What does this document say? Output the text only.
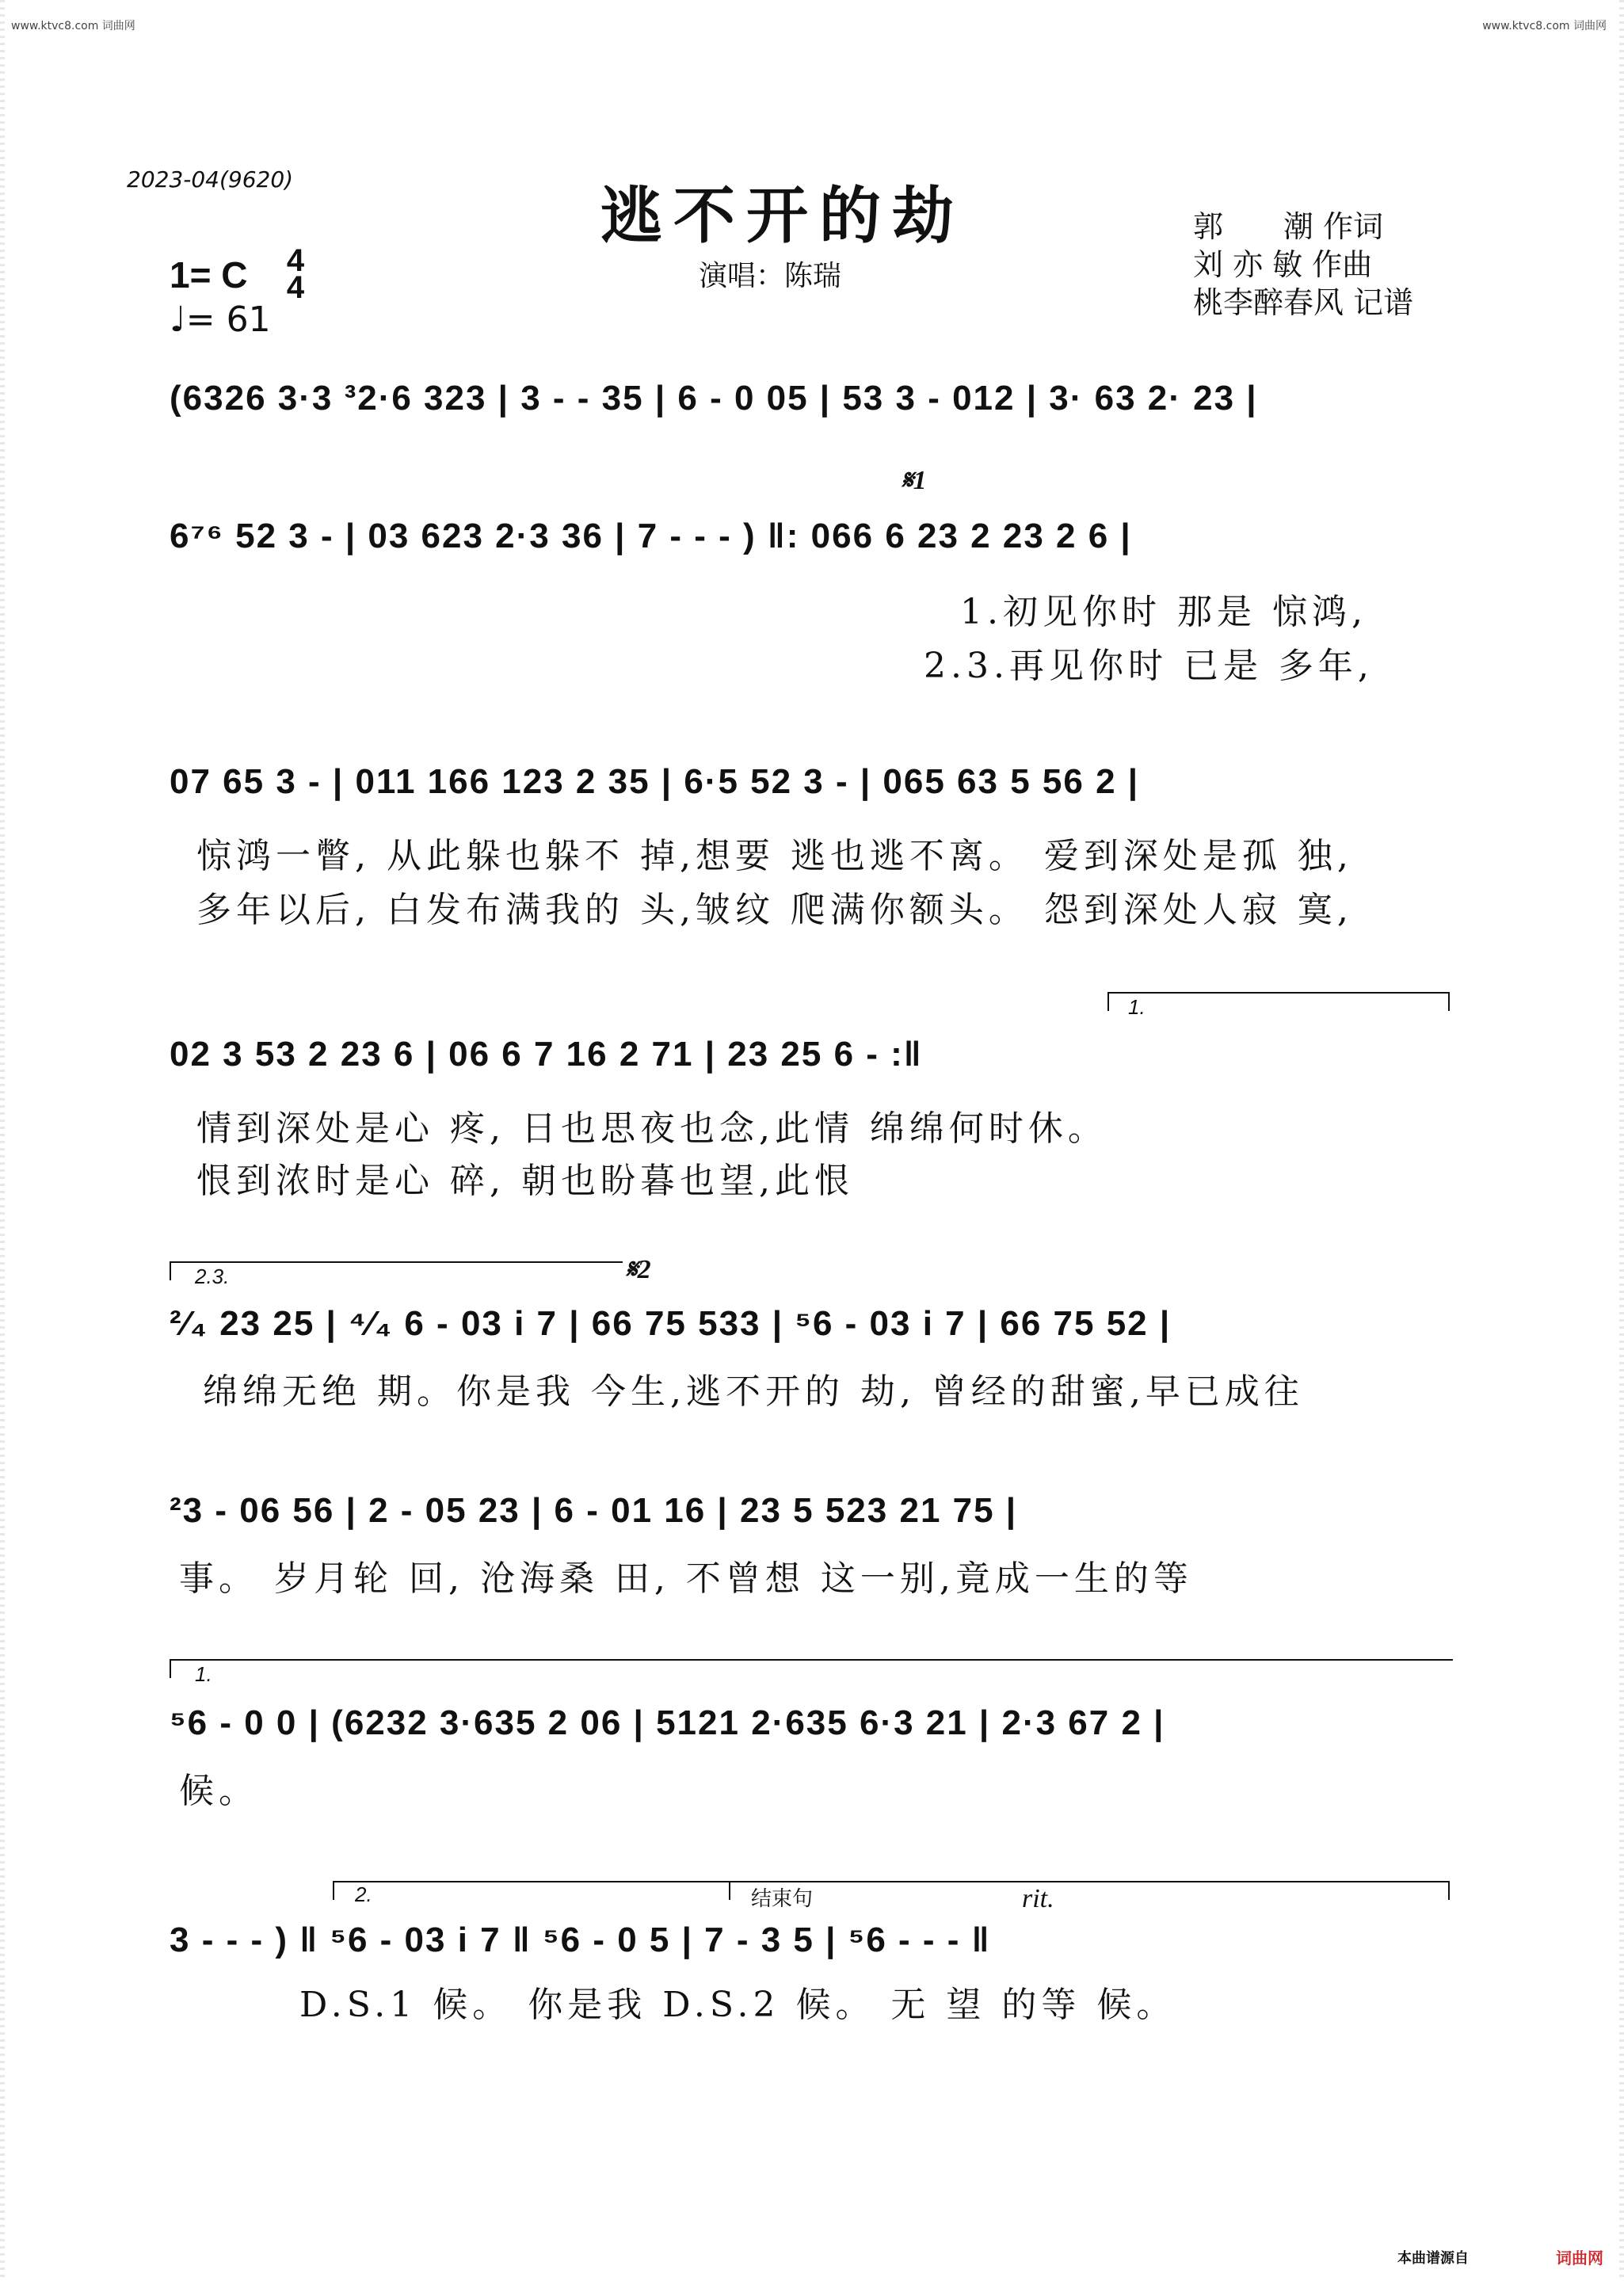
www.ktvc8.com 词曲网	www.ktvc8.com 词曲网
2023-04(9620)
逃不开的劫
演唱：陈瑞
1= C 4
4
♩= 61
郭　　潮 作词
刘 亦 敏 作曲
桃李醉春风 记谱
(6326 3·3 ³2·6 323 | 3 - - 35 | 6 - 0 05 | 53 3 - 012 | 3· 63 2· 23 |
𝄋1
6⁷⁶ 52 3 - | 03 623 2·3 36 | 7 - - - ) ‖: 066 6 23 2 23 2 6 |
1.初见你时 那是 惊鸿,
2.3.再见你时 已是 多年,
07 65 3 - | 011 166 123 2 35 | 6·5 52 3 - | 065 63 5 56 2 |
惊鸿一瞥, 从此躲也躲不 掉,想要 逃也逃不离。 爱到深处是孤 独,
多年以后, 白发布满我的 头,皱纹 爬满你额头。 怨到深处人寂 寞,
1.
02 3 53 2 23 6 | 06 6 7 16 2 71 | 23 25 6 - :‖
情到深处是心 疼, 日也思夜也念,此情 绵绵何时休。
恨到浓时是心 碎, 朝也盼暮也望,此恨
2.3.	𝄋2
²⁄₄ 23 25 | ⁴⁄₄ 6 - 03 i 7 | 66 75 533 | ⁵6 - 03 i 7 | 66 75 52 |
绵绵无绝 期。你是我 今生,逃不开的 劫, 曾经的甜蜜,早已成往
²3 - 06 56 | 2 - 05 23 | 6 - 01 16 | 23 5 523 21 75 |
事。 岁月轮 回, 沧海桑 田, 不曾想 这一别,竟成一生的等
1.
⁵6 - 0 0 | (6232 3·635 2 06 | 5121 2·635 6·3 21 | 2·3 67 2 |
候。
2.	结束句	rit.
3 - - - ) ‖ ⁵6 - 03 i 7 ‖ ⁵6 - 0 5 | 7 - 3 5 | ⁵6 - - - ‖
D.S.1 候。 你是我 D.S.2 候。 无 望 的等 候。
本曲谱源自	词曲网
